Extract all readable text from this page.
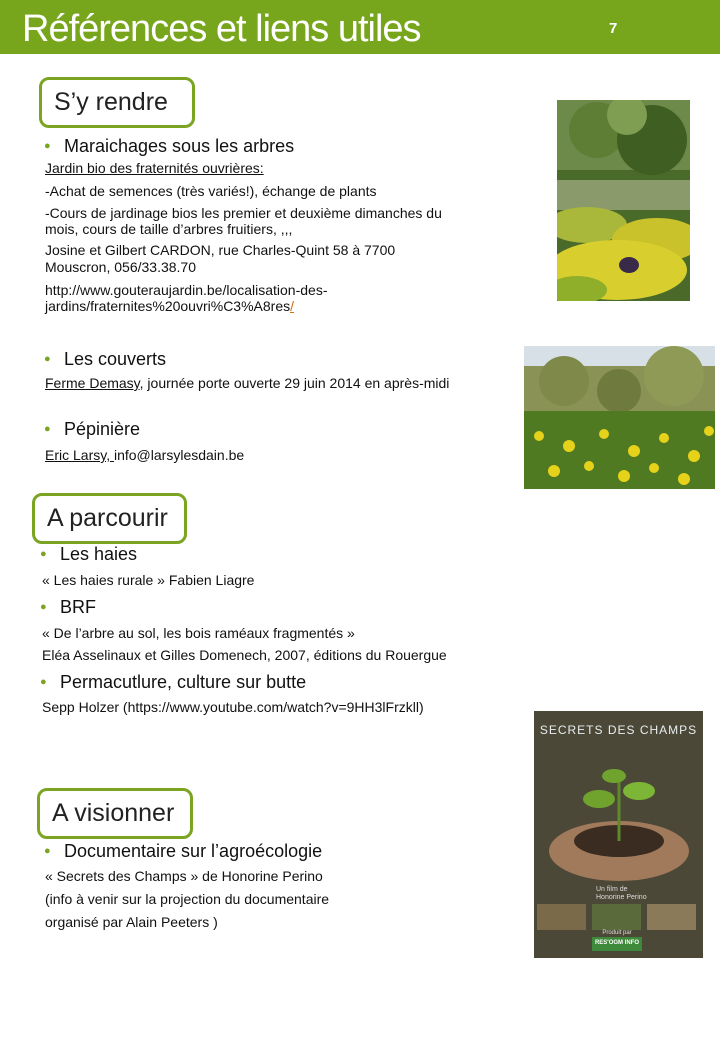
Références et liens utiles	7
S’y rendre
● Maraichages sous les arbres
Jardin bio des fraternités ouvrières:
-Achat de semences (très variés!), échange de plants
-Cours de jardinage bios les premier et deuxième dimanches du
mois, cours de taille d’arbres fruitiers, ,,,
Josine et Gilbert CARDON, rue Charles-Quint 58 à 7700
Mouscron, 056/33.38.70
http://www.gouteraujardin.be/localisation-des-
jardins/fraternites%20ouvri%C3%A8res/
● Les couverts
Ferme Demasy, journée porte ouverte 29 juin 2014 en après-midi
● Pépinière
Eric Larsy, info@larsylesdain.be
A parcourir
● Les haies
« Les haies rurale » Fabien Liagre
● BRF
« De l’arbre au sol, les bois raméaux fragmentés »
Eléa Asselinaux et Gilles Domenech, 2007, éditions du Rouergue
● Permacutlure, culture sur butte
Sepp Holzer (https://www.youtube.com/watch?v=9HH3lFrzkll)
A visionner
● Documentaire sur l’agroécologie
« Secrets des Champs » de Honorine Perino
(info à venir sur la projection du documentaire
organisé par Alain Peeters )
SECRETS DES CHAMPS
Un film de
Honorine Perino
Produit par
RES'OGM INFO
